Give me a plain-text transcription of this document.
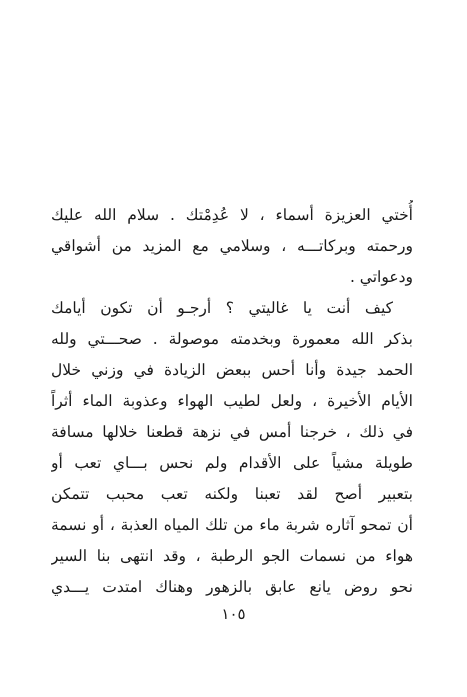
أُختي العزيزة أسماء ، لا عُدِمْتك . سلام الله عليك
ورحمته وبركاتـــه ، وسلامي مع المزيد من أشواقي
ودعواتي .
كيف أنت يا غاليتي ؟ أرجـو أن تكون أيامك
بذكر الله معمورة وبخدمته موصولة . صحـــتي ولله
الحمد جيدة وأنا أحس ببعض الزيادة في وزني خلال
الأيام الأخيرة ، ولعل لطيب الهواء وعذوبة الماء أثراً
في ذلك ، خرجنا أمس في نزهة قطعنا خلالها مسافة
طويلة مشياً على الأقدام ولم نحس بـــاي تعب أو
بتعبير أصح لقد تعبنا ولكنه تعب محبب تتمكن
أن تمحو آثاره شربة ماء من تلك المياه العذبة ، أو نسمة
هواء من نسمات الجو الرطبة ، وقد انتهى بنا السير
نحو روض يانع عابق بالزهور وهناك امتدت يـــدي
١٠٥
